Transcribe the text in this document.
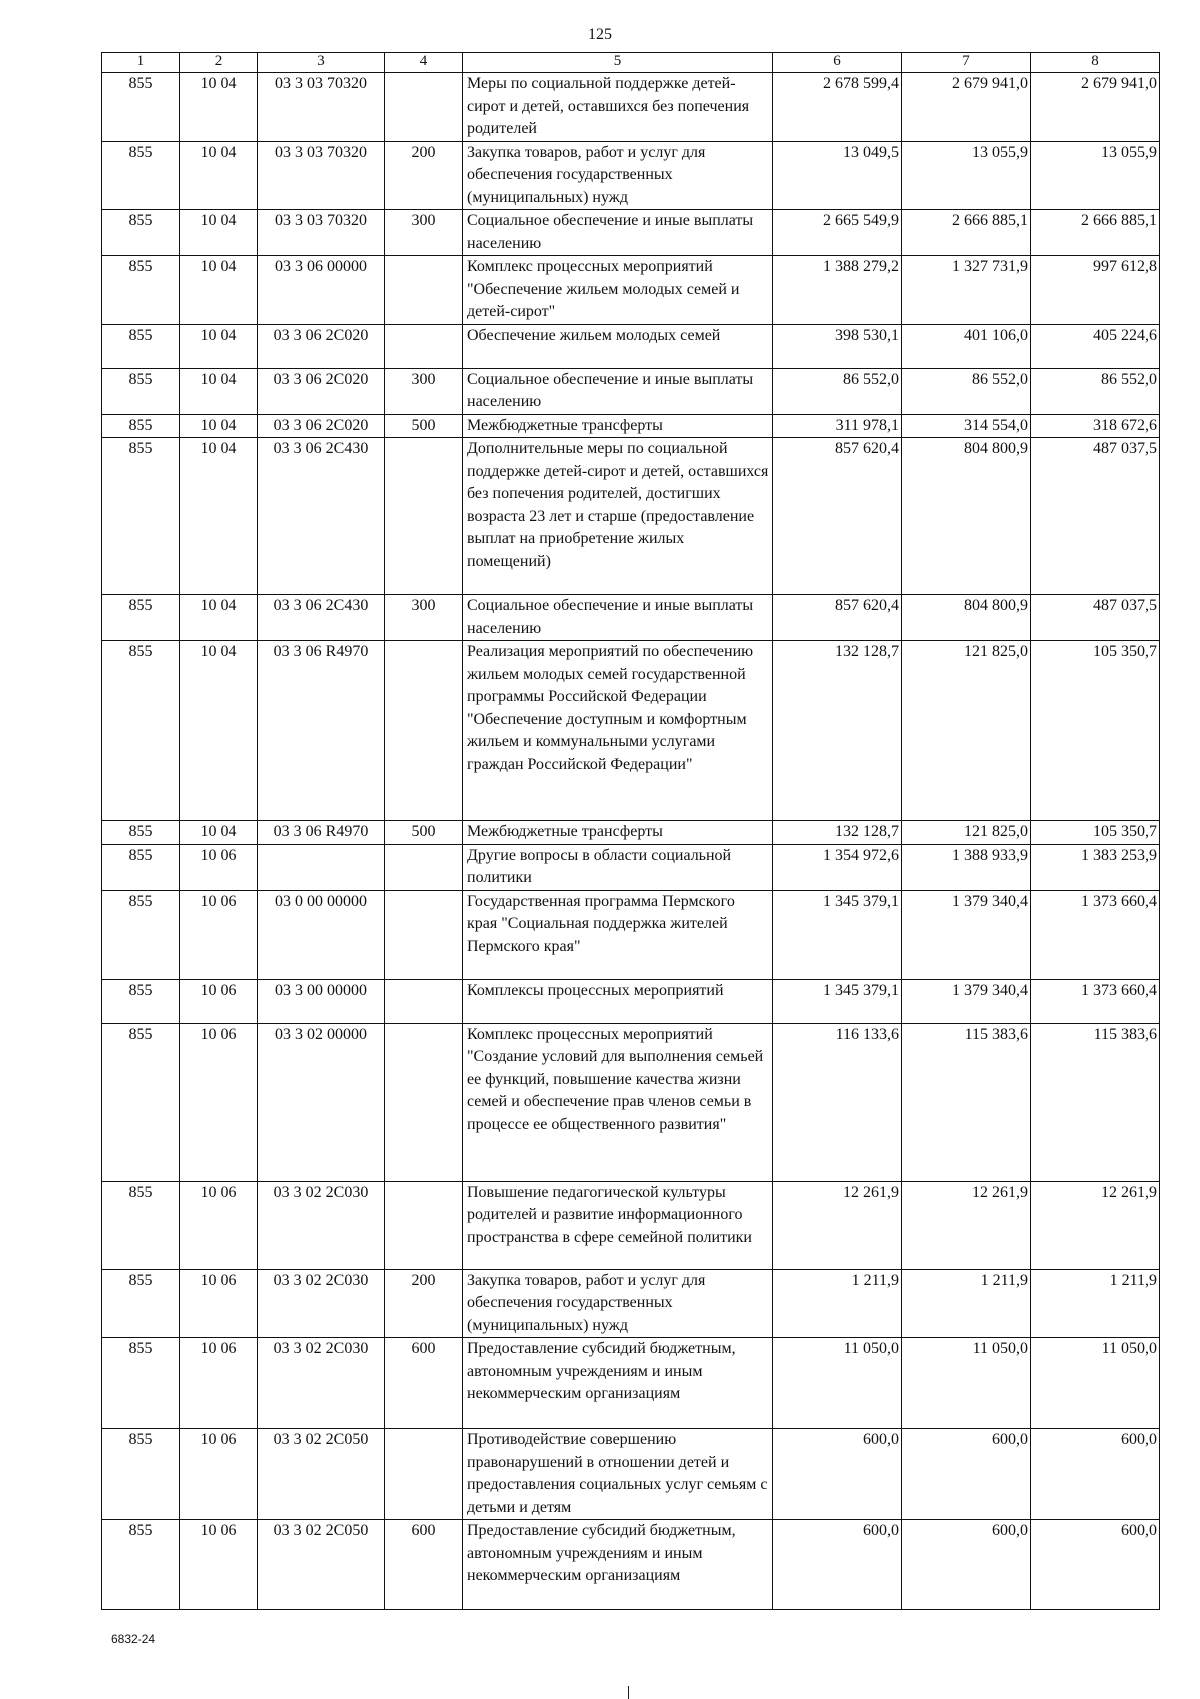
125
1	2	3	4	5	6	7	8
855	10 04	03 3 03 70320		Меры по социальной поддержке детей-сирот и детей, оставшихся без попечения родителей	2 678 599,4	2 679 941,0	2 679 941,0
855	10 04	03 3 03 70320	200	Закупка товаров, работ и услуг для обеспечения государственных (муниципальных) нужд	13 049,5	13 055,9	13 055,9
855	10 04	03 3 03 70320	300	Социальное обеспечение и иные выплаты населению	2 665 549,9	2 666 885,1	2 666 885,1
855	10 04	03 3 06 00000		Комплекс процессных мероприятий "Обеспечение жильем молодых семей и детей-сирот"	1 388 279,2	1 327 731,9	997 612,8
855	10 04	03 3 06 2С020		Обеспечение жильем молодых семей	398 530,1	401 106,0	405 224,6
855	10 04	03 3 06 2С020	300	Социальное обеспечение и иные выплаты населению	86 552,0	86 552,0	86 552,0
855	10 04	03 3 06 2С020	500	Межбюджетные трансферты	311 978,1	314 554,0	318 672,6
855	10 04	03 3 06 2С430		Дополнительные меры по социальной поддержке детей-сирот и детей, оставшихся без попечения родителей, достигших возраста 23 лет и старше (предоставление выплат на приобретение жилых помещений)	857 620,4	804 800,9	487 037,5
855	10 04	03 3 06 2С430	300	Социальное обеспечение и иные выплаты населению	857 620,4	804 800,9	487 037,5
855	10 04	03 3 06 R4970		Реализация мероприятий по обеспечению жильем молодых семей государственной программы Российской Федерации "Обеспечение доступным и комфортным жильем и коммунальными услугами граждан Российской Федерации"	132 128,7	121 825,0	105 350,7
855	10 04	03 3 06 R4970	500	Межбюджетные трансферты	132 128,7	121 825,0	105 350,7
855	10 06			Другие вопросы в области социальной политики	1 354 972,6	1 388 933,9	1 383 253,9
855	10 06	03 0 00 00000		Государственная программа Пермского края "Социальная поддержка жителей Пермского края"	1 345 379,1	1 379 340,4	1 373 660,4
855	10 06	03 3 00 00000		Комплексы процессных мероприятий	1 345 379,1	1 379 340,4	1 373 660,4
855	10 06	03 3 02 00000		Комплекс процессных мероприятий "Создание условий для выполнения семьей ее функций, повышение качества жизни семей и обеспечение прав членов семьи в процессе ее общественного развития"	116 133,6	115 383,6	115 383,6
855	10 06	03 3 02 2С030		Повышение педагогической культуры родителей и развитие информационного пространства в сфере семейной политики	12 261,9	12 261,9	12 261,9
855	10 06	03 3 02 2С030	200	Закупка товаров, работ и услуг для обеспечения государственных (муниципальных) нужд	1 211,9	1 211,9	1 211,9
855	10 06	03 3 02 2С030	600	Предоставление субсидий бюджетным, автономным учреждениям и иным некоммерческим организациям	11 050,0	11 050,0	11 050,0
855	10 06	03 3 02 2С050		Противодействие совершению правонарушений в отношении детей и предоставления социальных услуг семьям с детьми и детям	600,0	600,0	600,0
855	10 06	03 3 02 2С050	600	Предоставление субсидий бюджетным, автономным учреждениям и иным некоммерческим организациям	600,0	600,0	600,0
6832-24
